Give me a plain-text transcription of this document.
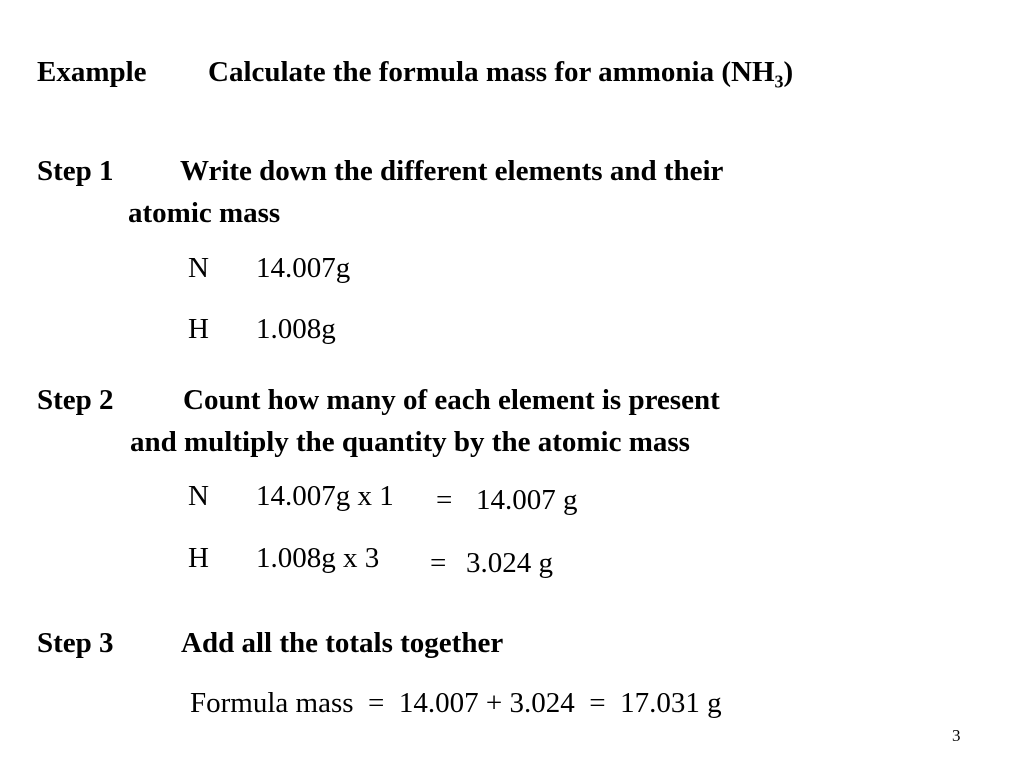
Example Calculate the formula mass for ammonia $(NH_3)$
Step 1 Write down the different elements and their
atomic mass
N 14.007g
H 1.008g
Step 2 Count how many of each element is present
and multiply the quantity by the atomic mass
N 14.007g x 1 = 14.007 g
H 1.008g x 3 = 3.024 g
Step 3 Add all the totals together
Formula mass  =  14.007 + 3.024  =  17.031 g
3
